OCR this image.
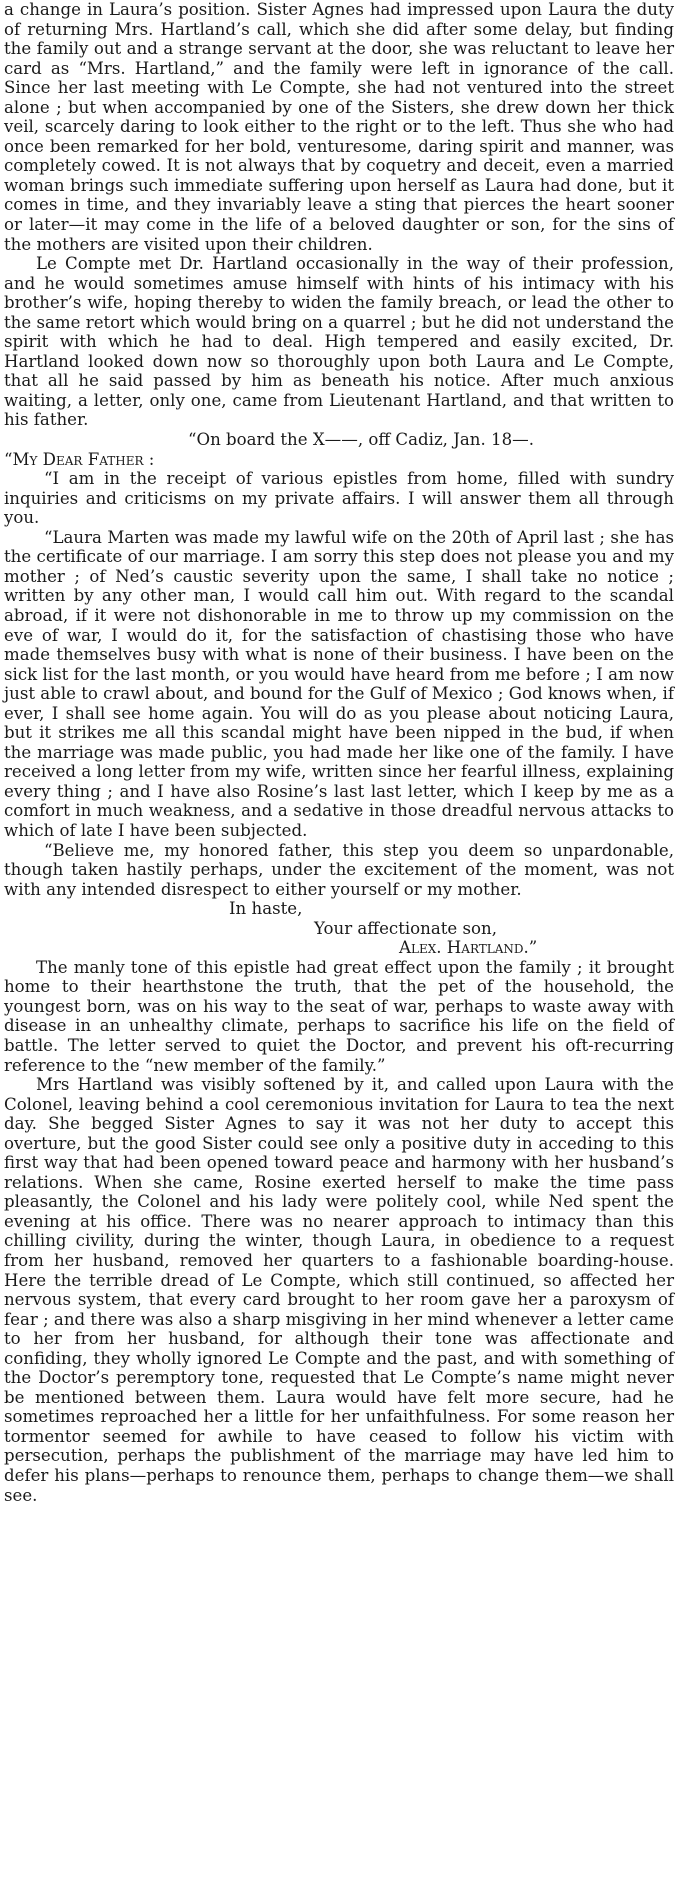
a change in Laura’s position. Sister Agnes had impressed upon Laura the duty of returning Mrs. Hartland’s call, which she did after some delay, but finding the family out and a strange servant at the door, she was reluctant to leave her card as “Mrs. Hartland,” and the family were left in ignorance of the call. Since her last meeting with Le Compte, she had not ventured into the street alone ; but when accompanied by one of the Sisters, she drew down her thick veil, scarcely daring to look either to the right or to the left. Thus she who had once been remarked for her bold, venturesome, daring spirit and manner, was completely cowed. It is not always that by coquetry and deceit, even a married woman brings such immediate suffering upon herself as Laura had done, but it comes in time, and they invariably leave a sting that pierces the heart sooner or later—it may come in the life of a beloved daughter or son, for the sins of the mothers are visited upon their children.

Le Compte met Dr. Hartland occasionally in the way of their profession, and he would sometimes amuse himself with hints of his intimacy with his brother’s wife, hoping thereby to widen the family breach, or lead the other to the same retort which would bring on a quarrel ; but he did not understand the spirit with which he had to deal. High tempered and easily excited, Dr. Hartland looked down now so thoroughly upon both Laura and Le Compte, that all he said passed by him as beneath his notice. After much anxious waiting, a letter, only one, came from Lieutenant Hartland, and that written to his father.

“On board the X——, off Cadiz, Jan. 18—.

“My Dear Father :

“I am in the receipt of various epistles from home, filled with sundry inquiries and criticisms on my private affairs. I will answer them all through you.

“Laura Marten was made my lawful wife on the 20th of April last ; she has the certificate of our marriage. I am sorry this step does not please you and my mother ; of Ned’s caustic severity upon the same, I shall take no notice ; written by any other man, I would call him out. With regard to the scandal abroad, if it were not dishonorable in me to throw up my commission on the eve of war, I would do it, for the satisfaction of chastising those who have made themselves busy with what is none of their business. I have been on the sick list for the last month, or you would have heard from me before ; I am now just able to crawl about, and bound for the Gulf of Mexico ; God knows when, if ever, I shall see home again. You will do as you please about noticing Laura, but it strikes me all this scandal might have been nipped in the bud, if when the marriage was made public, you had made her like one of the family. I have received a long letter from my wife, written since her fearful illness, explaining every thing ; and I have also Rosine’s last last letter, which I keep by me as a comfort in much weakness, and a sedative in those dreadful nervous attacks to which of late I have been subjected.

“Believe me, my honored father, this step you deem so unpardonable, though taken hastily perhaps, under the excitement of the moment, was not with any intended disrespect to either yourself or my mother.

In haste,

Your affectionate son,

Alex. Hartland.”

The manly tone of this epistle had great effect upon the family ; it brought home to their hearthstone the truth, that the pet of the household, the youngest born, was on his way to the seat of war, perhaps to waste away with disease in an unhealthy climate, perhaps to sacrifice his life on the field of battle. The letter served to quiet the Doctor, and prevent his oft-recurring reference to the “new member of the family.”

Mrs Hartland was visibly softened by it, and called upon Laura with the Colonel, leaving behind a cool ceremonious invitation for Laura to tea the next day. She begged Sister Agnes to say it was not her duty to accept this overture, but the good Sister could see only a positive duty in acceding to this first way that had been opened toward peace and harmony with her husband’s relations. When she came, Rosine exerted herself to make the time pass pleasantly, the Colonel and his lady were politely cool, while Ned spent the evening at his office. There was no nearer approach to intimacy than this chilling civility, during the winter, though Laura, in obedience to a request from her husband, removed her quarters to a fashionable boarding-house. Here the terrible dread of Le Compte, which still continued, so affected her nervous system, that every card brought to her room gave her a paroxysm of fear ; and there was also a sharp misgiving in her mind whenever a letter came to her from her husband, for although their tone was affectionate and confiding, they wholly ignored Le Compte and the past, and with something of the Doctor’s peremptory tone, requested that Le Compte’s name might never be mentioned between them. Laura would have felt more secure, had he sometimes reproached her a little for her unfaithfulness. For some reason her tormentor seemed for awhile to have ceased to follow his victim with persecution, perhaps the publishment of the marriage may have led him to defer his plans—perhaps to renounce them, perhaps to change them—we shall see.
